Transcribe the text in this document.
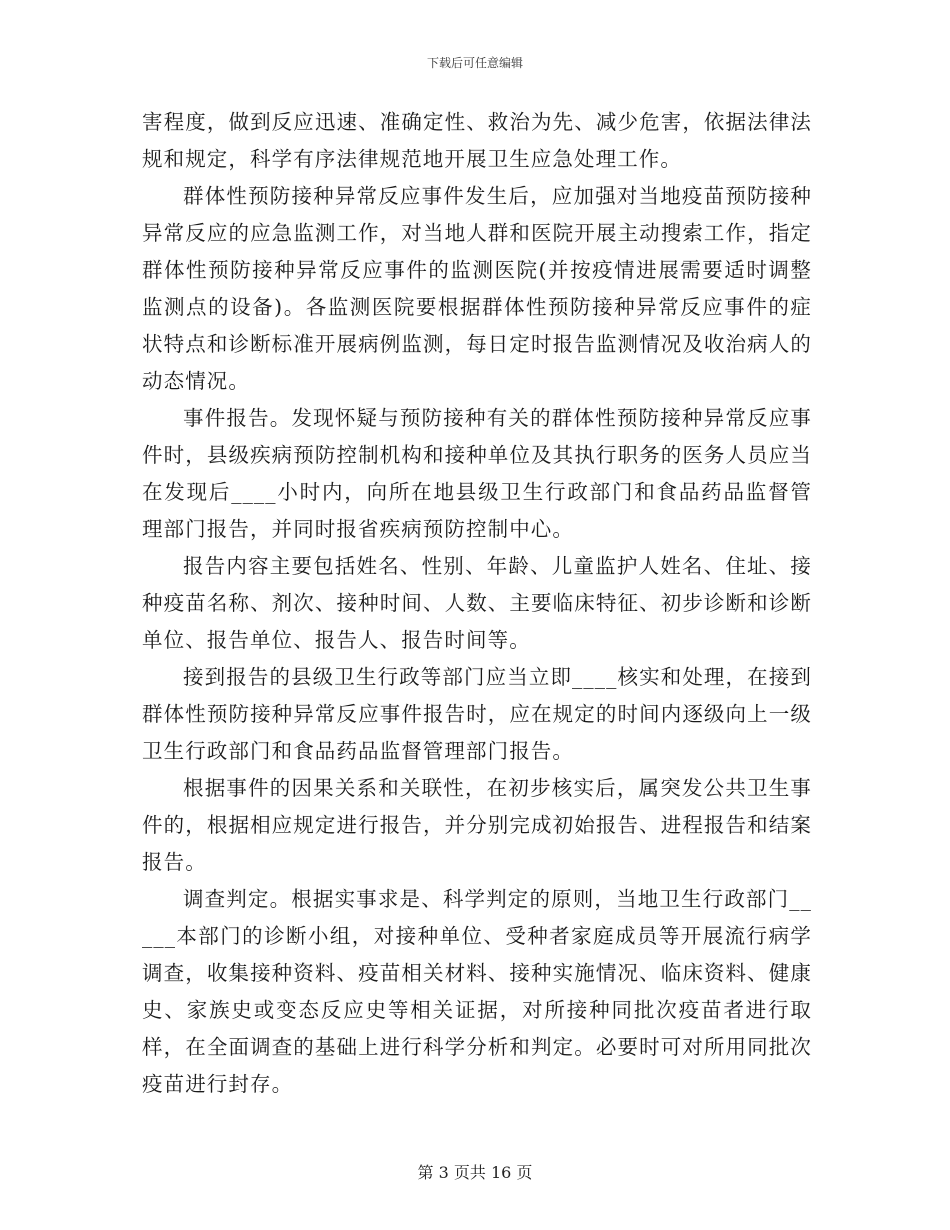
下载后可任意编辑

害程度，做到反应迅速、准确定性、救治为先、减少危害，依据法律法规和规定，科学有序法律规范地开展卫生应急处理工作。

群体性预防接种异常反应事件发生后，应加强对当地疫苗预防接种异常反应的应急监测工作，对当地人群和医院开展主动搜索工作，指定群体性预防接种异常反应事件的监测医院(并按疫情进展需要适时调整监测点的设备)。各监测医院要根据群体性预防接种异常反应事件的症状特点和诊断标准开展病例监测，每日定时报告监测情况及收治病人的动态情况。

事件报告。发现怀疑与预防接种有关的群体性预防接种异常反应事件时，县级疾病预防控制机构和接种单位及其执行职务的医务人员应当在发现后____小时内，向所在地县级卫生行政部门和食品药品监督管理部门报告，并同时报省疾病预防控制中心。

报告内容主要包括姓名、性别、年龄、儿童监护人姓名、住址、接种疫苗名称、剂次、接种时间、人数、主要临床特征、初步诊断和诊断单位、报告单位、报告人、报告时间等。

接到报告的县级卫生行政等部门应当立即____核实和处理，在接到群体性预防接种异常反应事件报告时，应在规定的时间内逐级向上一级卫生行政部门和食品药品监督管理部门报告。

根据事件的因果关系和关联性，在初步核实后，属突发公共卫生事件的，根据相应规定进行报告，并分别完成初始报告、进程报告和结案报告。

调查判定。根据实事求是、科学判定的原则，当地卫生行政部门_____本部门的诊断小组，对接种单位、受种者家庭成员等开展流行病学调查，收集接种资料、疫苗相关材料、接种实施情况、临床资料、健康史、家族史或变态反应史等相关证据，对所接种同批次疫苗者进行取样，在全面调查的基础上进行科学分析和判定。必要时可对所用同批次疫苗进行封存。

第 3 页共 16 页
